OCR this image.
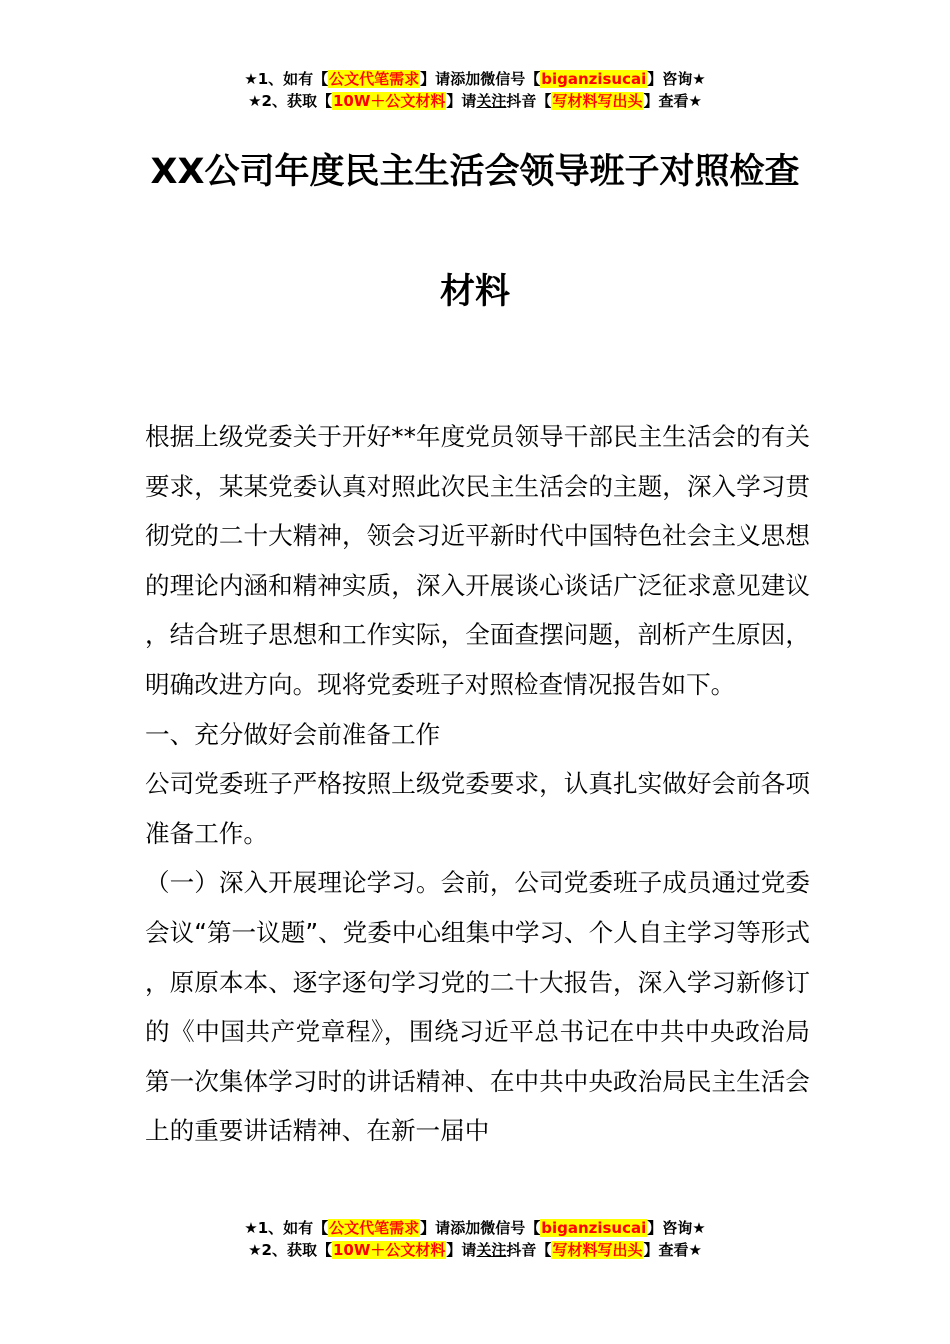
★1、如有【公文代笔需求】请添加微信号【biganzisucai】咨询★
★2、获取【10W＋公文材料】请关注抖音【写材料写出头】查看★
XX公司年度民主生活会领导班子对照检查
材料

根据上级党委关于开好**年度党员领导干部民主生活会的有关要求，某某党委认真对照此次民主生活会的主题，深入学习贯彻党的二十大精神，领会习近平新时代中国特色社会主义思想的理论内涵和精神实质，深入开展谈心谈话广泛征求意见建议，结合班子思想和工作实际，全面查摆问题，剖析产生原因，明确改进方向。现将党委班子对照检查情况报告如下。

一、充分做好会前准备工作

公司党委班子严格按照上级党委要求，认真扎实做好会前各项准备工作。

（一）深入开展理论学习。会前，公司党委班子成员通过党委会议“第一议题”、党委中心组集中学习、个人自主学习等形式，原原本本、逐字逐句学习党的二十大报告，深入学习新修订的《中国共产党章程》，围绕习近平总书记在中共中央政治局第一次集体学习时的讲话精神、在中共中央政治局民主生活会上的重要讲话精神、在新一届中

★1、如有【公文代笔需求】请添加微信号【biganzisucai】咨询★
★2、获取【10W＋公文材料】请关注抖音【写材料写出头】查看★
